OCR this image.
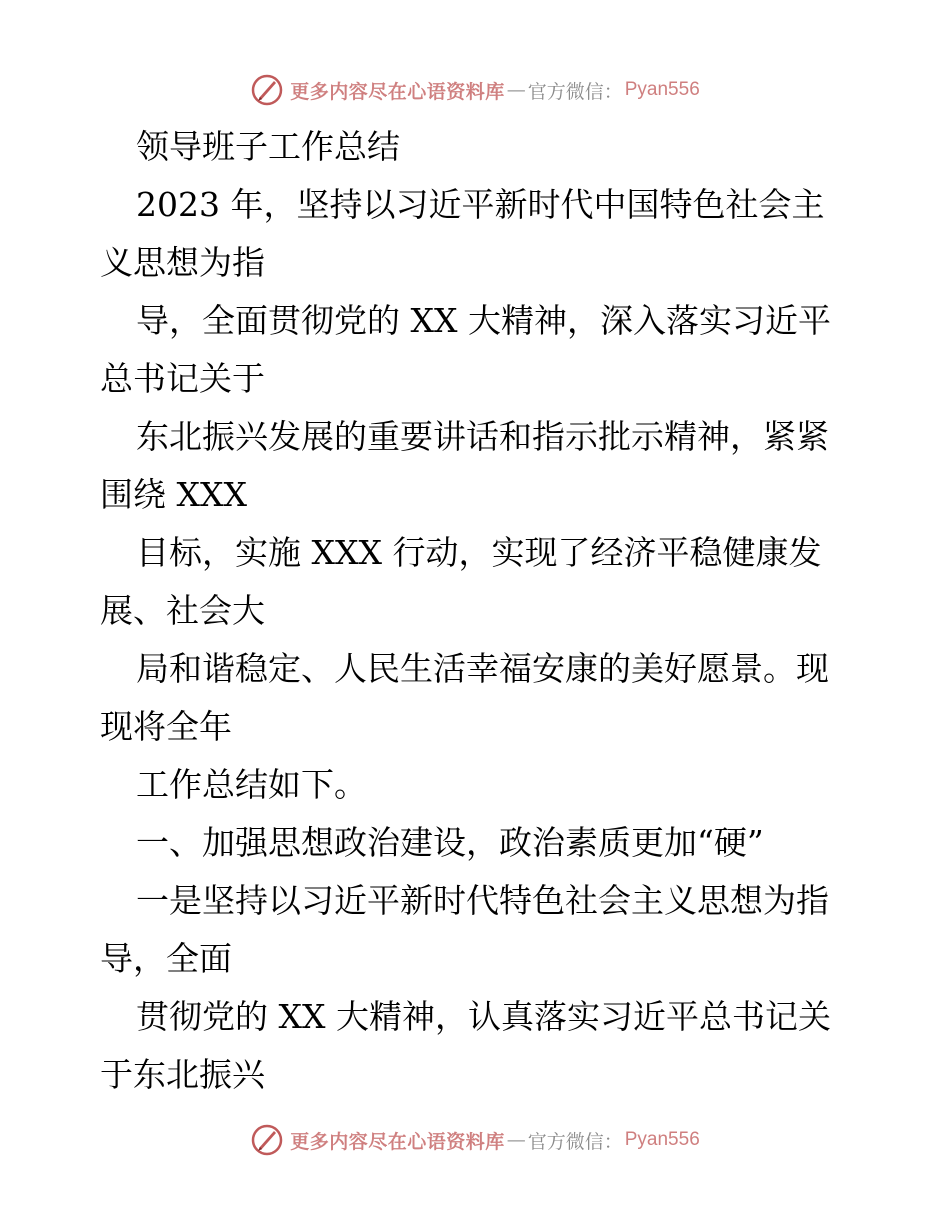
更多内容尽在心语资料库 — 官方微信： Pyan556
领导班子工作总结
2023 年，坚持以习近平新时代中国特色社会主
义思想为指
导，全面贯彻党的 XX 大精神，深入落实习近平
总书记关于
东北振兴发展的重要讲话和指示批示精神，紧紧
围绕 XXX
目标，实施 XXX 行动，实现了经济平稳健康发
展、社会大
局和谐稳定、人民生活幸福安康的美好愿景。现
现将全年
工作总结如下。
一、加强思想政治建设，政治素质更加“硬”
一是坚持以习近平新时代特色社会主义思想为指
导，全面
贯彻党的 XX 大精神，认真落实习近平总书记关
于东北振兴
更多内容尽在心语资料库 — 官方微信： Pyan556
